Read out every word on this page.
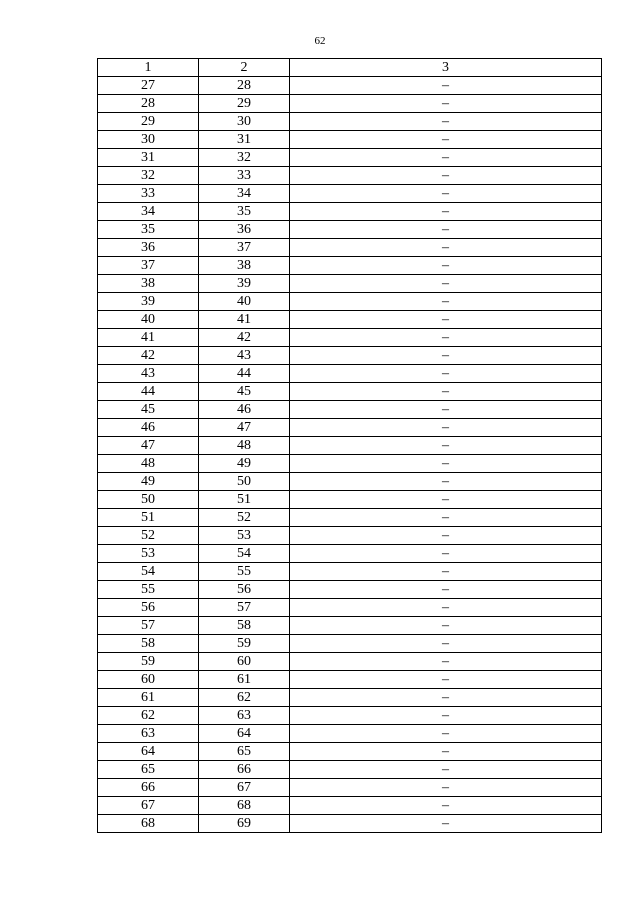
62
1	2	3
27	28	–
28	29	–
29	30	–
30	31	–
31	32	–
32	33	–
33	34	–
34	35	–
35	36	–
36	37	–
37	38	–
38	39	–
39	40	–
40	41	–
41	42	–
42	43	–
43	44	–
44	45	–
45	46	–
46	47	–
47	48	–
48	49	–
49	50	–
50	51	–
51	52	–
52	53	–
53	54	–
54	55	–
55	56	–
56	57	–
57	58	–
58	59	–
59	60	–
60	61	–
61	62	–
62	63	–
63	64	–
64	65	–
65	66	–
66	67	–
67	68	–
68	69	–
